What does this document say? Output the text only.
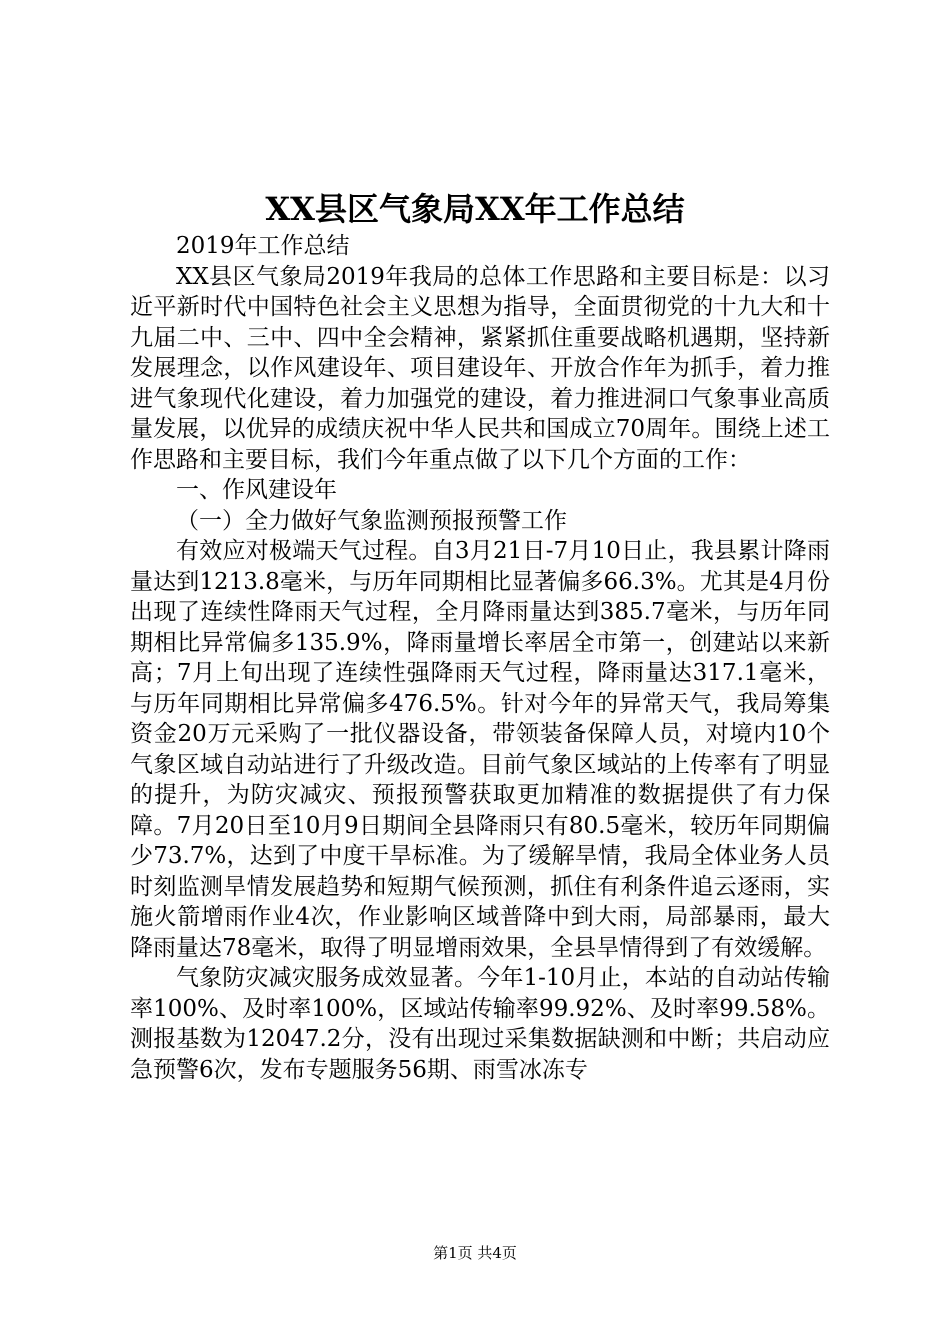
XX县区气象局XX年工作总结

2019年工作总结

XX县区气象局2019年我局的总体工作思路和主要目标是：以习近平新时代中国特色社会主义思想为指导，全面贯彻党的十九大和十九届二中、三中、四中全会精神，紧紧抓住重要战略机遇期，坚持新发展理念，以作风建设年、项目建设年、开放合作年为抓手，着力推进气象现代化建设，着力加强党的建设，着力推进洞口气象事业高质量发展，以优异的成绩庆祝中华人民共和国成立70周年。围绕上述工作思路和主要目标，我们今年重点做了以下几个方面的工作：

一、作风建设年

（一）全力做好气象监测预报预警工作

有效应对极端天气过程。自3月21日-7月10日止，我县累计降雨量达到1213.8毫米，与历年同期相比显著偏多66.3%。尤其是4月份出现了连续性降雨天气过程，全月降雨量达到385.7毫米，与历年同期相比异常偏多135.9%，降雨量增长率居全市第一，创建站以来新高；7月上旬出现了连续性强降雨天气过程，降雨量达317.1毫米，与历年同期相比异常偏多476.5%。针对今年的异常天气，我局筹集资金20万元采购了一批仪器设备，带领装备保障人员，对境内10个气象区域自动站进行了升级改造。目前气象区域站的上传率有了明显的提升，为防灾减灾、预报预警获取更加精准的数据提供了有力保障。7月20日至10月9日期间全县降雨只有80.5毫米，较历年同期偏少73.7%，达到了中度干旱标准。为了缓解旱情，我局全体业务人员时刻监测旱情发展趋势和短期气候预测，抓住有利条件追云逐雨，实施火箭增雨作业4次，作业影响区域普降中到大雨，局部暴雨，最大降雨量达78毫米，取得了明显增雨效果，全县旱情得到了有效缓解。

气象防灾减灾服务成效显著。今年1-10月止，本站的自动站传输率100%、及时率100%，区域站传输率99.92%、及时率99.58%。测报基数为12047.2分，没有出现过采集数据缺测和中断；共启动应急预警6次，发布专题服务56期、雨雪冰冻专

第1页 共4页
